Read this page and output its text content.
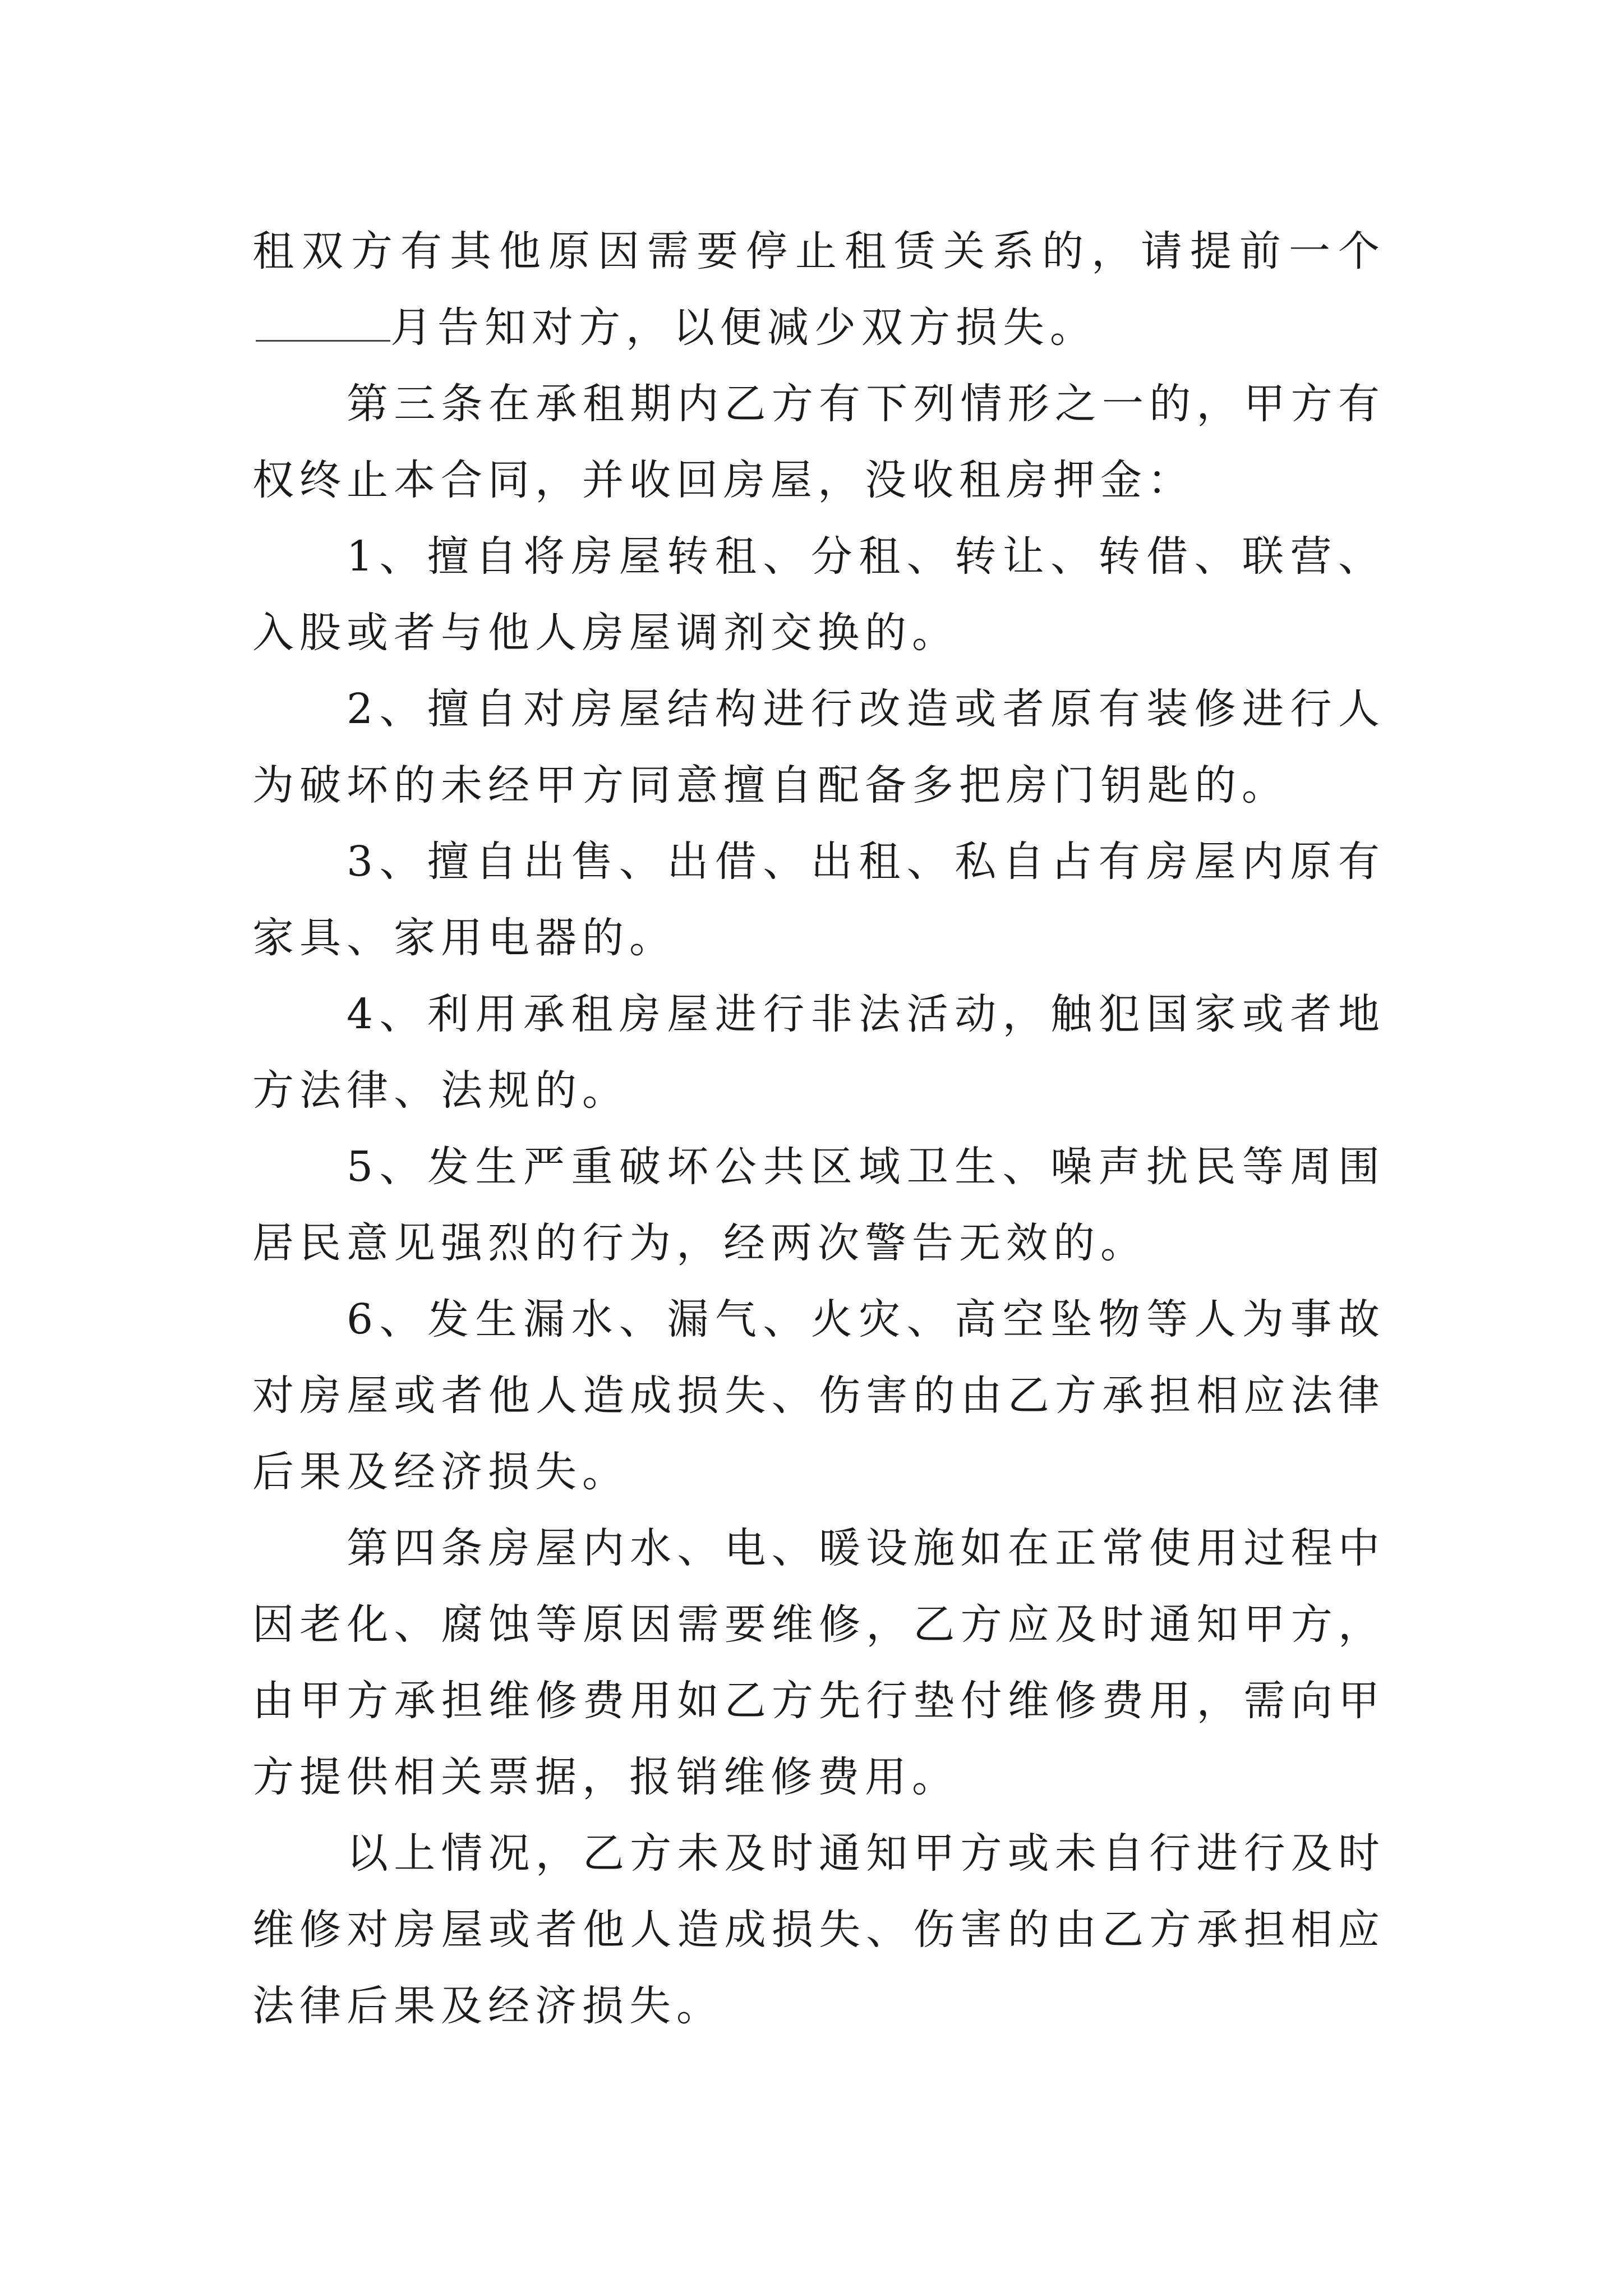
租双方有其他原因需要停止租赁关系的，请提前一个月告知对方，以便减少双方损失。

第三条在承租期内乙方有下列情形之一的，甲方有权终止本合同，并收回房屋，没收租房押金：

1、擅自将房屋转租、分租、转让、转借、联营、入股或者与他人房屋调剂交换的。

2、擅自对房屋结构进行改造或者原有装修进行人为破坏的未经甲方同意擅自配备多把房门钥匙的。

3、擅自出售、出借、出租、私自占有房屋内原有家具、家用电器的。

4、利用承租房屋进行非法活动，触犯国家或者地方法律、法规的。

5、发生严重破坏公共区域卫生、噪声扰民等周围居民意见强烈的行为，经两次警告无效的。

6、发生漏水、漏气、火灾、高空坠物等人为事故对房屋或者他人造成损失、伤害的由乙方承担相应法律后果及经济损失。

第四条房屋内水、电、暖设施如在正常使用过程中因老化、腐蚀等原因需要维修，乙方应及时通知甲方，由甲方承担维修费用如乙方先行垫付维修费用，需向甲方提供相关票据，报销维修费用。

以上情况，乙方未及时通知甲方或未自行进行及时维修对房屋或者他人造成损失、伤害的由乙方承担相应法律后果及经济损失。
